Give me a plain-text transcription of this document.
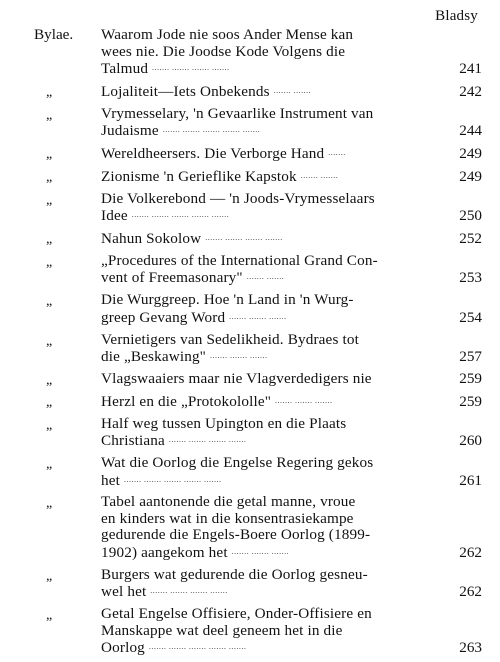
Bladsy
Bylae.	Waarom Jode nie soos Ander Mense kan
wees nie. Die Joodse Kode Volgens die
Talmud ....... ....... ....... .......	241
„	Lojaliteit—Iets Onbekends ....... .......	242
„	Vrymesselary, 'n Gevaarlike Instrument van
Judaisme ....... ....... ....... ....... .......	244
„	Wereldheersers. Die Verborge Hand .......	249
„	Zionisme 'n Gerieflike Kapstok ....... .......	249
„	Die Volkerebond — 'n Joods-Vrymesselaars
Idee ....... ....... ....... ....... .......	250
„	Nahun Sokolow ....... ....... ....... .......	252
„	„Procedures of the International Grand Con-
vent of Freemasonary" ....... .......	253
„	Die Wurggreep. Hoe 'n Land in 'n Wurg-
greep Gevang Word ....... ....... .......	254
„	Vernietigers van Sedelikheid. Bydraes tot
die „Beskawing" ....... ....... .......	257
„	Vlagswaaiers maar nie Vlagverdedigers nie	259
„	Herzl en die „Protokololle" ....... ....... .......	259
„	Half weg tussen Upington en die Plaats
Christiana ....... ....... ....... .......	260
„	Wat die Oorlog die Engelse Regering gekos
het ....... ....... ....... ....... .......	261
„	Tabel aantonende die getal manne, vroue
en kinders wat in die konsentrasiekampe
gedurende die Engels-Boere Oorlog (1899-
1902) aangekom het ....... ....... .......	262
„	Burgers wat gedurende die Oorlog gesneu-
wel het ....... ....... ....... .......	262
„	Getal Engelse Offisiere, Onder-Offisiere en
Manskappe wat deel geneem het in die
Oorlog ....... ....... ....... ....... .......	263
